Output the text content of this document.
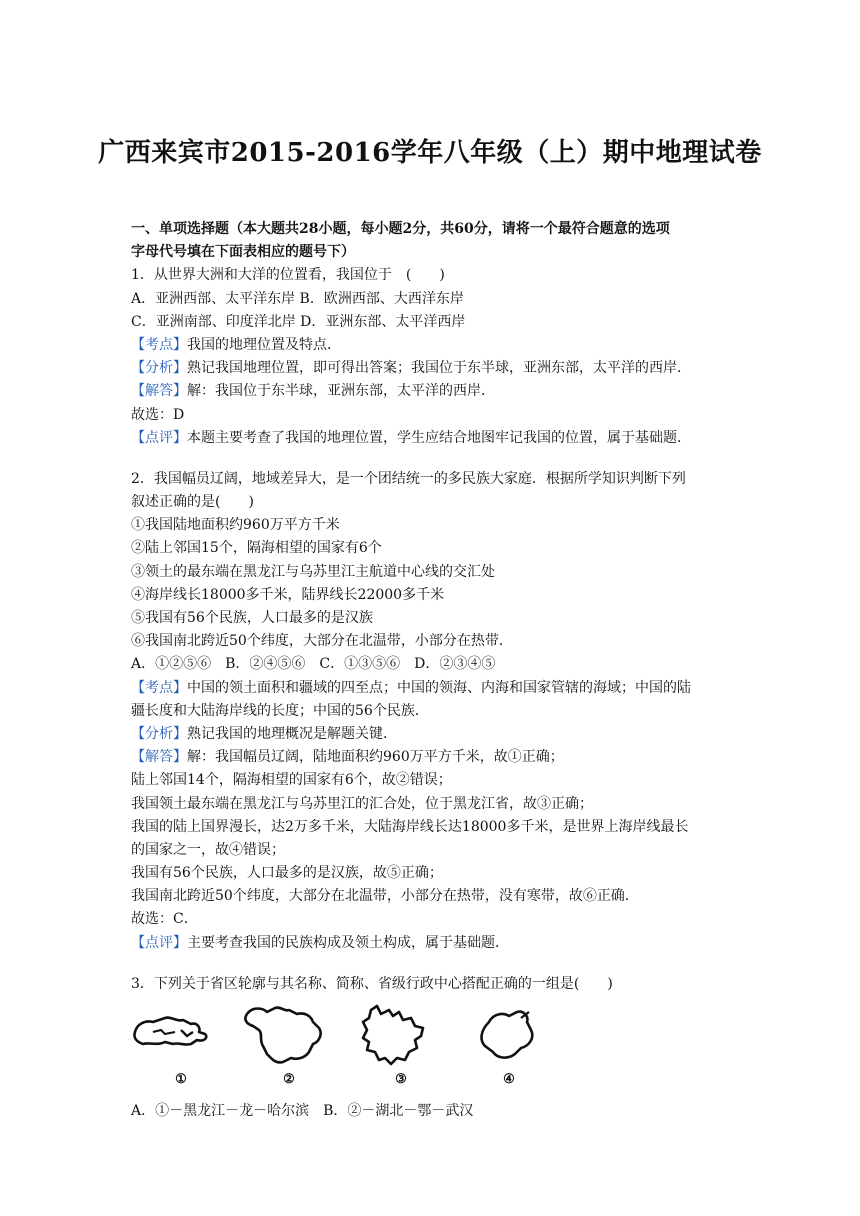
广西来宾市2015-2016学年八年级（上）期中地理试卷
一、单项选择题（本大题共28小题，每小题2分，共60分，请将一个最符合题意的选项
字母代号填在下面表相应的题号下）
1．从世界大洲和大洋的位置看，我国位于　(　　)
A．亚洲西部、太平洋东岸 B．欧洲西部、大西洋东岸
C．亚洲南部、印度洋北岸 D．亚洲东部、太平洋西岸
【考点】我国的地理位置及特点．
【分析】熟记我国地理位置，即可得出答案；我国位于东半球，亚洲东部，太平洋的西岸．
【解答】解：我国位于东半球，亚洲东部，太平洋的西岸．
故选：D
【点评】本题主要考查了我国的地理位置，学生应结合地图牢记我国的位置，属于基础题．
2．我国幅员辽阔，地域差异大，是一个团结统一的多民族大家庭．根据所学知识判断下列
叙述正确的是(　　)
①我国陆地面积约960万平方千米
②陆上邻国15个，隔海相望的国家有6个
③领土的最东端在黑龙江与乌苏里江主航道中心线的交汇处
④海岸线长18000多千米，陆界线长22000多千米
⑤我国有56个民族，人口最多的是汉族
⑥我国南北跨近50个纬度，大部分在北温带，小部分在热带．
A．①②⑤⑥　B．②④⑤⑥　C．①③⑤⑥　D．②③④⑤
【考点】中国的领土面积和疆域的四至点；中国的领海、内海和国家管辖的海域；中国的陆
疆长度和大陆海岸线的长度；中国的56个民族．
【分析】熟记我国的地理概况是解题关键．
【解答】解：我国幅员辽阔，陆地面积约960万平方千米，故①正确；
陆上邻国14个，隔海相望的国家有6个，故②错误；
我国领土最东端在黑龙江与乌苏里江的汇合处，位于黑龙江省，故③正确；
我国的陆上国界漫长，达2万多千米，大陆海岸线长达18000多千米，是世界上海岸线最长
的国家之一，故④错误；
我国有56个民族，人口最多的是汉族，故⑤正确；
我国南北跨近50个纬度，大部分在北温带，小部分在热带，没有寒带，故⑥正确．
故选：C．
【点评】主要考查我国的民族构成及领土构成，属于基础题．
3．下列关于省区轮廓与其名称、简称、省级行政中心搭配正确的一组是(　　)
①	②	③	④
A．①－黑龙江－龙－哈尔滨　B．②－湖北－鄂－武汉
